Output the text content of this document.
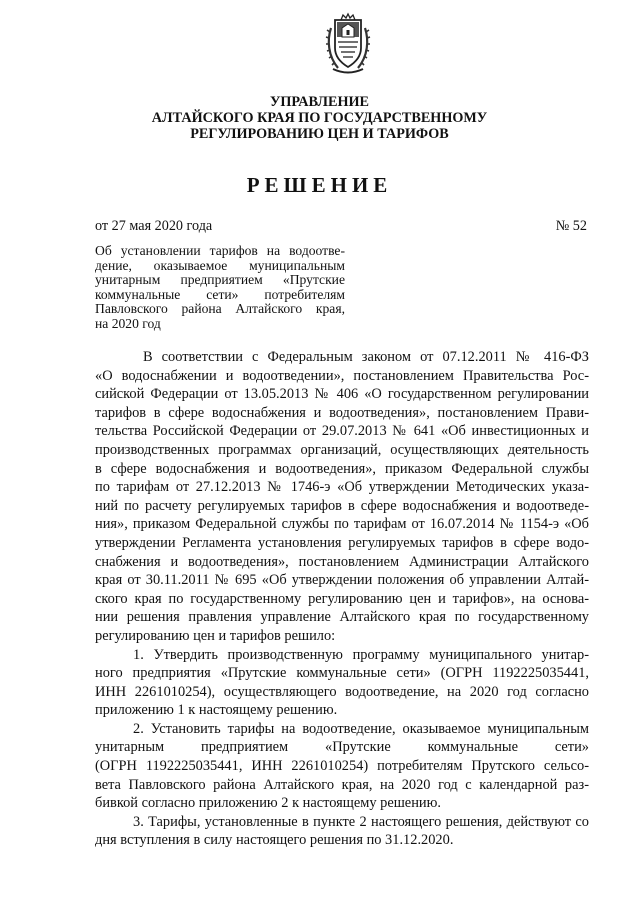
УПРАВЛЕНИЕ
АЛТАЙСКОГО КРАЯ ПО ГОСУДАРСТВЕННОМУ
РЕГУЛИРОВАНИЮ ЦЕН И ТАРИФОВ
РЕШЕНИЕ
от 27 мая 2020 года	№ 52
Об установлении тарифов на водоотве-
дение, оказываемое муниципальным
унитарным предприятием «Прутские
коммунальные сети» потребителям
Павловского района Алтайского края,
на 2020 год
В соответствии с Федеральным законом от 07.12.2011 № 416-ФЗ
«О водоснабжении и водоотведении», постановлением Правительства Рос-
сийской Федерации от 13.05.2013 № 406 «О государственном регулировании
тарифов в сфере водоснабжения и водоотведения», постановлением Прави-
тельства Российской Федерации от 29.07.2013 № 641 «Об инвестиционных и
производственных программах организаций, осуществляющих деятельность
в сфере водоснабжения и водоотведения», приказом Федеральной службы
по тарифам от 27.12.2013 № 1746-э «Об утверждении Методических указа-
ний по расчету регулируемых тарифов в сфере водоснабжения и водоотведе-
ния», приказом Федеральной службы по тарифам от 16.07.2014 № 1154-э «Об
утверждении Регламента установления регулируемых тарифов в сфере водо-
снабжения и водоотведения», постановлением Администрации Алтайского
края от 30.11.2011 № 695 «Об утверждении положения об управлении Алтай-
ского края по государственному регулированию цен и тарифов», на основа-
нии решения правления управление Алтайского края по государственному
регулированию цен и тарифов решило:
1. Утвердить производственную программу муниципального унитар-
ного предприятия «Прутские коммунальные сети» (ОГРН 1192225035441,
ИНН 2261010254), осуществляющего водоотведение, на 2020 год согласно
приложению 1 к настоящему решению.
2. Установить тарифы на водоотведение, оказываемое муниципальным
унитарным предприятием «Прутские коммунальные сети»
(ОГРН 1192225035441, ИНН 2261010254) потребителям Прутского сельсо-
вета Павловского района Алтайского края, на 2020 год с календарной раз-
бивкой согласно приложению 2 к настоящему решению.
3. Тарифы, установленные в пункте 2 настоящего решения, действуют со
дня вступления в силу настоящего решения по 31.12.2020.
